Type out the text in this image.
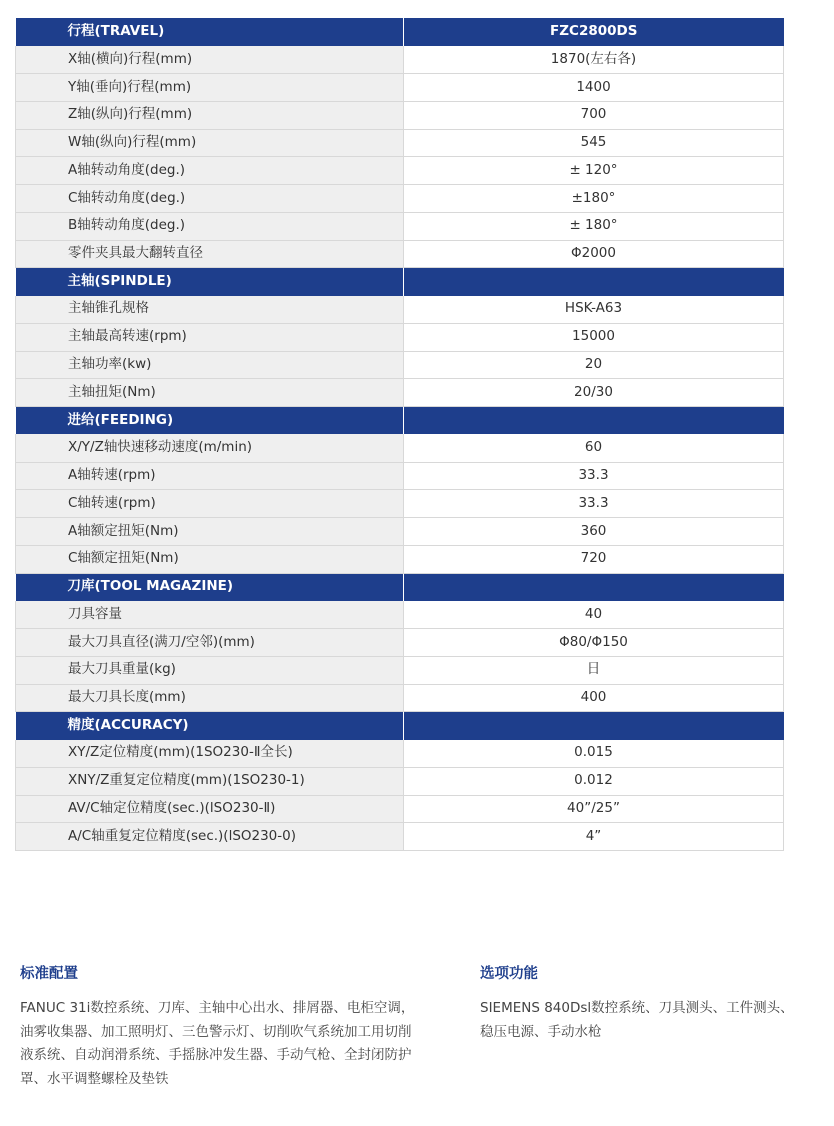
行程(TRAVEL)	FZC2800DS
X轴(横向)行程(mm)	1870(左右各)
Y轴(垂向)行程(mm)	1400
Z轴(纵向)行程(mm)	700
W轴(纵向)行程(mm)	545
A轴转动角度(deg.)	± 120°
C轴转动角度(deg.)	±180°
B轴转动角度(deg.)	± 180°
零件夹具最大翻转直径	Φ2000
主轴(SPINDLE)	
主轴锥孔规格	HSK-A63
主轴最高转速(rpm)	15000
主轴功率(kw)	20
主轴扭矩(Nm)	20/30
进给(FEEDING)	
X/Y/Z轴快速移动速度(m/min)	60
A轴转速(rpm)	33.3
C轴转速(rpm)	33.3
A轴额定扭矩(Nm)	360
C轴额定扭矩(Nm)	720
刀库(TOOL MAGAZINE)	
刀具容量	40
最大刀具直径(满刀/空邻)(mm)	Φ80/Φ150
最大刀具重量(kg)	日
最大刀具长度(mm)	400
精度(ACCURACY)	
XY/Z定位精度(mm)(1SO230-Ⅱ全长)	0.015
XNY/Z重复定位精度(mm)(1SO230-1)	0.012
AV/C轴定位精度(sec.)(lSO230-Ⅱ)	40”/25”
A/C轴重复定位精度(sec.)(lSO230-0)	4”
标准配置

FANUC 31i数控系统、刀库、主轴中心出水、排屑器、电柜空调，油雾收集器、加工照明灯、三色警示灯、切削吹气系统加工用切削液系统、自动润滑系统、手摇脉冲发生器、手动气枪、全封闭防护罩、水平调整螺栓及垫铁

选项功能

SIEMENS 840Dsl数控系统、刀具测头、工件测头、稳压电源、手动水枪
